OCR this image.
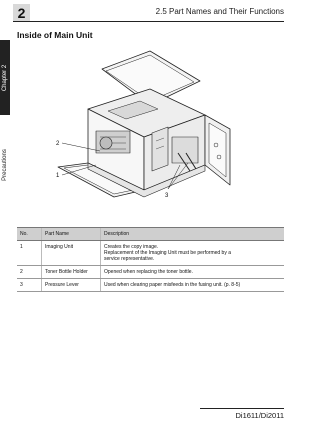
2	2.5 Part Names and Their Functions
Chapter 2
Precautions
Inside of Main Unit
2
1
3
No.	Part Name	Description
1	Imaging Unit	Creates the copy image.
Replacement of the Imaging Unit must be performed by a
service representative.

2	Toner Bottle Holder	Opened when replacing the toner bottle.

3	Pressure Lever	Used when clearing paper misfeeds in the fusing unit. (p. 8-5)
Di1611/Di2011
